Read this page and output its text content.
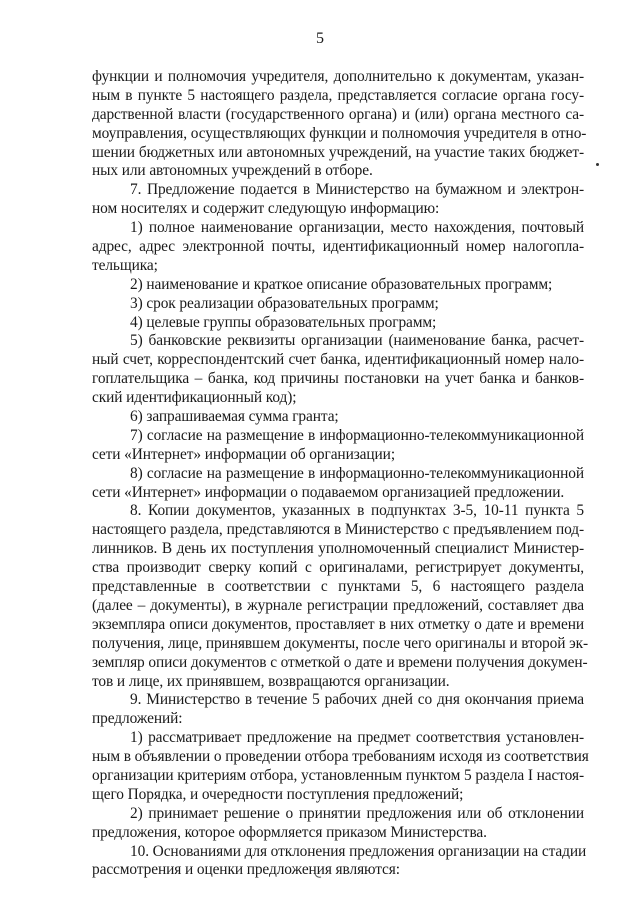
5
функции и полномочия учредителя, дополнительно к документам, указан-
ным в пункте 5 настоящего раздела, представляется согласие органа госу-
дарственной власти (государственного органа) и (или) органа местного са-
моуправления, осуществляющих функции и полномочия учредителя в отно-
шении бюджетных или автономных учреждений, на участие таких бюджет-
ных или автономных учреждений в отборе.
7. Предложение подается в Министерство на бумажном и электрон-
ном носителях и содержит следующую информацию:
1) полное наименование организации, место нахождения, почтовый
адрес, адрес электронной почты, идентификационный номер налогопла-
тельщика;
2) наименование и краткое описание образовательных программ;
3) срок реализации образовательных программ;
4) целевые группы образовательных программ;
5) банковские реквизиты организации (наименование банка, расчет-
ный счет, корреспондентский счет банка, идентификационный номер нало-
гоплательщика – банка, код причины постановки на учет банка и банков-
ский идентификационный код);
6) запрашиваемая сумма гранта;
7) согласие на размещение в информационно-телекоммуникационной
сети «Интернет» информации об организации;
8) согласие на размещение в информационно-телекоммуникационной
сети «Интернет» информации о подаваемом организацией предложении.
8. Копии документов, указанных в подпунктах 3-5, 10-11 пункта 5
настоящего раздела, представляются в Министерство с предъявлением под-
линников. В день их поступления уполномоченный специалист Министер-
ства производит сверку копий с оригиналами, регистрирует документы,
представленные в соответствии с пунктами 5, 6 настоящего раздела
(далее – документы), в журнале регистрации предложений, составляет два
экземпляра описи документов, проставляет в них отметку о дате и времени
получения, лице, принявшем документы, после чего оригиналы и второй эк-
земпляр описи документов с отметкой о дате и времени получения докумен-
тов и лице, их принявшем, возвращаются организации.
9. Министерство в течение 5 рабочих дней со дня окончания приема
предложений:
1) рассматривает предложение на предмет соответствия установлен-
ным в объявлении о проведении отбора требованиям исходя из соответствия
организации критериям отбора, установленным пунктом 5 раздела I настоя-
щего Порядка, и очередности поступления предложений;
2) принимает решение о принятии предложения или об отклонении
предложения, которое оформляется приказом Министерства.
10. Основаниями для отклонения предложения организации на стадии
рассмотрения и оценки предложения являются:
